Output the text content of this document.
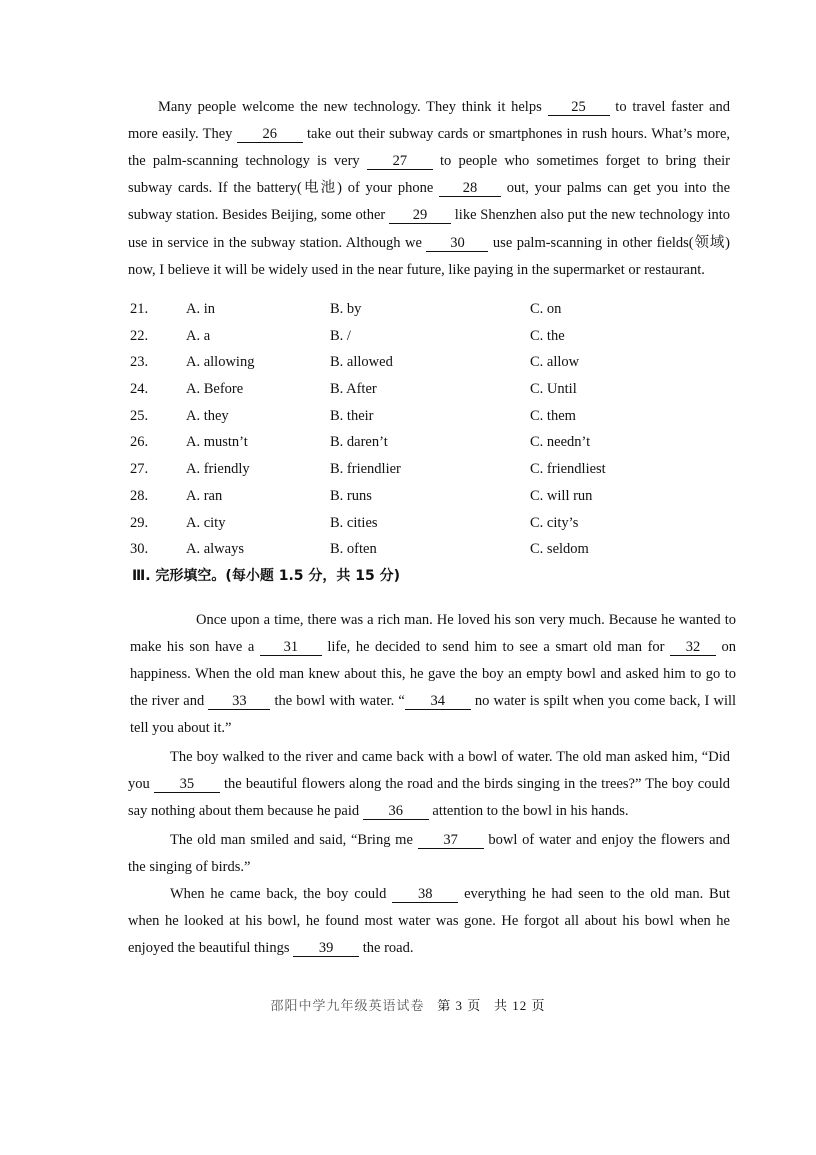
Many people welcome the new technology. They think it helps 25 to travel faster and more easily. They 26 take out their subway cards or smartphones in rush hours. What’s more, the palm-scanning technology is very 27 to people who sometimes forget to bring their subway cards. If the battery(电池) of your phone 28 out, your palms can get you into the subway station. Besides Beijing, some other 29 like Shenzhen also put the new technology into use in service in the subway station. Although we 30 use palm-scanning in other fields(领域) now, I believe it will be widely used in the near future, like paying in the supermarket or restaurant.

21.	A. in	B. by	C. on
22.	A. a	B. /	C. the
23.	A. allowing	B. allowed	C. allow
24.	A. Before	B. After	C. Until
25.	A. they	B. their	C. them
26.	A. mustn’t	B. daren’t	C. needn’t
27.	A. friendly	B. friendlier	C. friendliest
28.	A. ran	B. runs	C. will run
29.	A. city	B. cities	C. city’s
30.	A. always	B. often	C. seldom
Ⅲ. 完形填空。(每小题 1.5 分，共 15 分)

Once upon a time, there was a rich man. He loved his son very much. Because he wanted to make his son have a 31 life, he decided to send him to see a smart old man for 32 on happiness. When the old man knew about this, he gave the boy an empty bowl and asked him to go to the river and 33 the bowl with water. “ 34 no water is spilt when you come back, I will tell you about it.”

The boy walked to the river and came back with a bowl of water. The old man asked him, “Did you 35 the beautiful flowers along the road and the birds singing in the trees?” The boy could say nothing about them because he paid 36 attention to the bowl in his hands.

The old man smiled and said, “Bring me 37 bowl of water and enjoy the flowers and the singing of birds.”

When he came back, the boy could 38 everything he had seen to the old man. But when he looked at his bowl, he found most water was gone. He forgot all about his bowl when he enjoyed the beautiful things 39 the road.

邵阳中学九年级英语试卷 第 3 页 共 12 页
